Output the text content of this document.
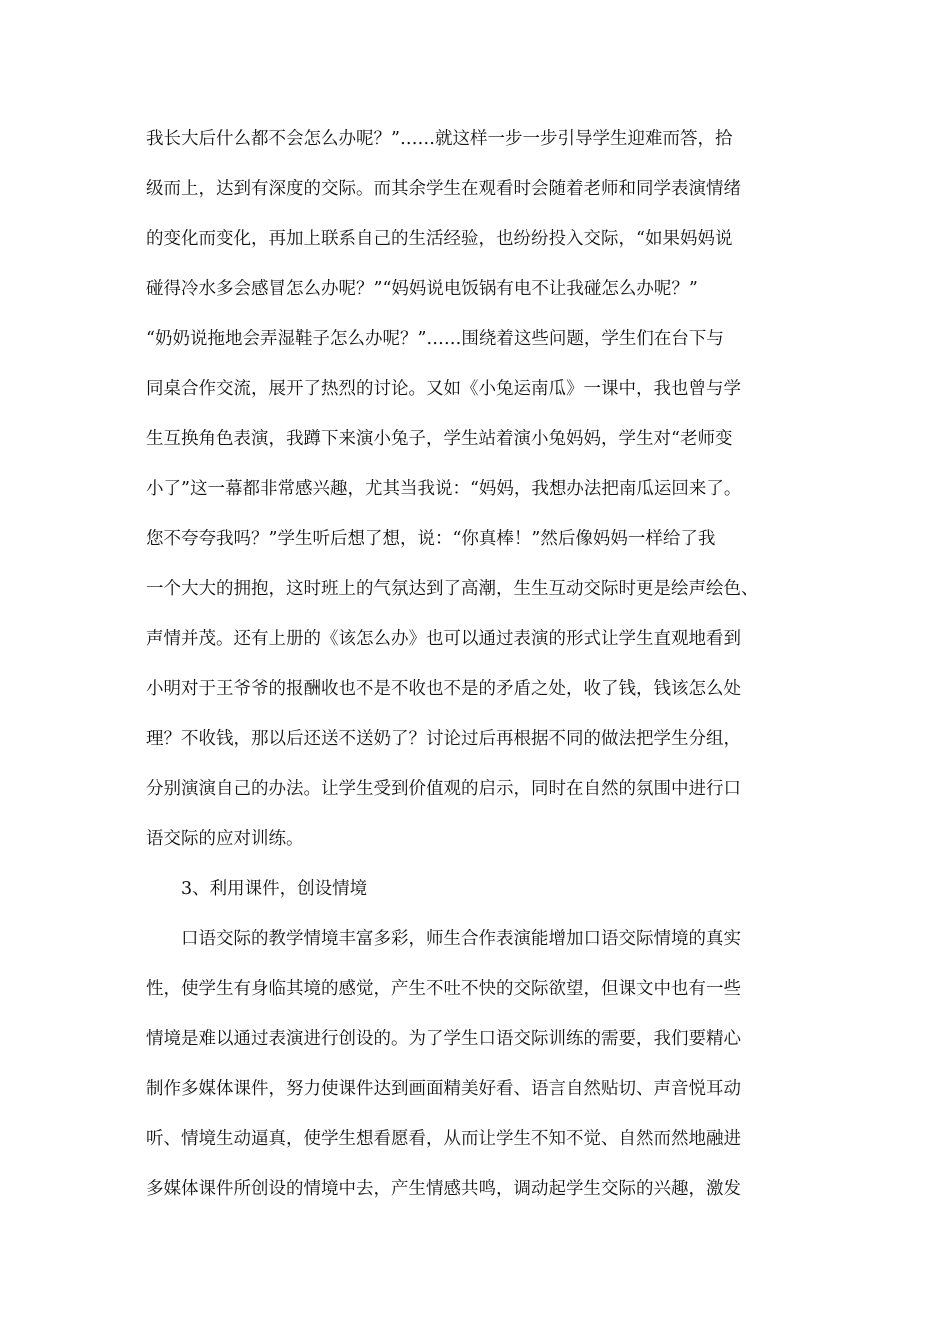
我长大后什么都不会怎么办呢？”……就这样一步一步引导学生迎难而答，拾
级而上，达到有深度的交际。而其余学生在观看时会随着老师和同学表演情绪
的变化而变化，再加上联系自己的生活经验，也纷纷投入交际，“如果妈妈说
碰得冷水多会感冒怎么办呢？”“妈妈说电饭锅有电不让我碰怎么办呢？”
“奶奶说拖地会弄湿鞋子怎么办呢？”……围绕着这些问题，学生们在台下与
同桌合作交流，展开了热烈的讨论。又如《小兔运南瓜》一课中，我也曾与学
生互换角色表演，我蹲下来演小兔子，学生站着演小兔妈妈，学生对“老师变
小了”这一幕都非常感兴趣，尤其当我说：“妈妈，我想办法把南瓜运回来了。
您不夸夸我吗？”学生听后想了想，说：“你真棒！”然后像妈妈一样给了我
一个大大的拥抱，这时班上的气氛达到了高潮，生生互动交际时更是绘声绘色、
声情并茂。还有上册的《该怎么办》也可以通过表演的形式让学生直观地看到
小明对于王爷爷的报酬收也不是不收也不是的矛盾之处，收了钱，钱该怎么处
理？不收钱，那以后还送不送奶了？讨论过后再根据不同的做法把学生分组，
分别演演自己的办法。让学生受到价值观的启示，同时在自然的氛围中进行口
语交际的应对训练。
3、利用课件，创设情境
口语交际的教学情境丰富多彩，师生合作表演能增加口语交际情境的真实
性，使学生有身临其境的感觉，产生不吐不快的交际欲望，但课文中也有一些
情境是难以通过表演进行创设的。为了学生口语交际训练的需要，我们要精心
制作多媒体课件，努力使课件达到画面精美好看、语言自然贴切、声音悦耳动
听、情境生动逼真，使学生想看愿看，从而让学生不知不觉、自然而然地融进
多媒体课件所创设的情境中去，产生情感共鸣，调动起学生交际的兴趣，激发
